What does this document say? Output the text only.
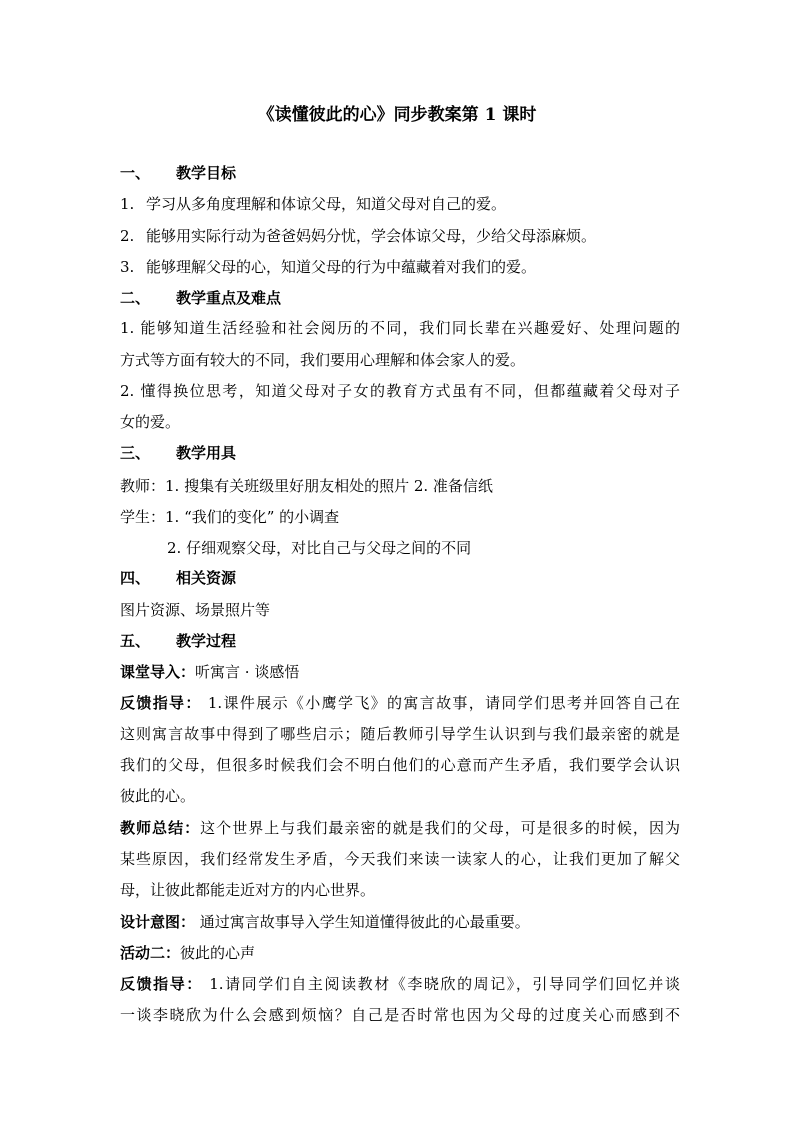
《读懂彼此的心》同步教案第 1 课时
一、 教学目标
1. 学习从多角度理解和体谅父母，知道父母对自己的爱。
2. 能够用实际行动为爸爸妈妈分忧，学会体谅父母，少给父母添麻烦。
3. 能够理解父母的心，知道父母的行为中蕴藏着对我们的爱。
二、 教学重点及难点
1. 能够知道生活经验和社会阅历的不同，我们同长辈在兴趣爱好、处理问题的
方式等方面有较大的不同，我们要用心理解和体会家人的爱。
2. 懂得换位思考，知道父母对子女的教育方式虽有不同，但都蕴藏着父母对子
女的爱。
三、 教学用具
教师：1. 搜集有关班级里好朋友相处的照片 2. 准备信纸
学生：1. “我们的变化” 的小调查
2. 仔细观察父母，对比自己与父母之间的不同
四、 相关资源
图片资源、场景照片等
五、 教学过程
课堂导入：听寓言 · 谈感悟
反馈指导： 1.课件展示《小鹰学飞》的寓言故事，请同学们思考并回答自己在
这则寓言故事中得到了哪些启示；随后教师引导学生认识到与我们最亲密的就是
我们的父母，但很多时候我们会不明白他们的心意而产生矛盾，我们要学会认识
彼此的心。
教师总结：这个世界上与我们最亲密的就是我们的父母，可是很多的时候，因为
某些原因，我们经常发生矛盾，今天我们来读一读家人的心，让我们更加了解父
母，让彼此都能走近对方的内心世界。
设计意图： 通过寓言故事导入学生知道懂得彼此的心最重要。
活动二：彼此的心声
反馈指导： 1.请同学们自主阅读教材《李晓欣的周记》，引导同学们回忆并谈
一谈李晓欣为什么会感到烦恼？自己是否时常也因为父母的过度关心而感到不
